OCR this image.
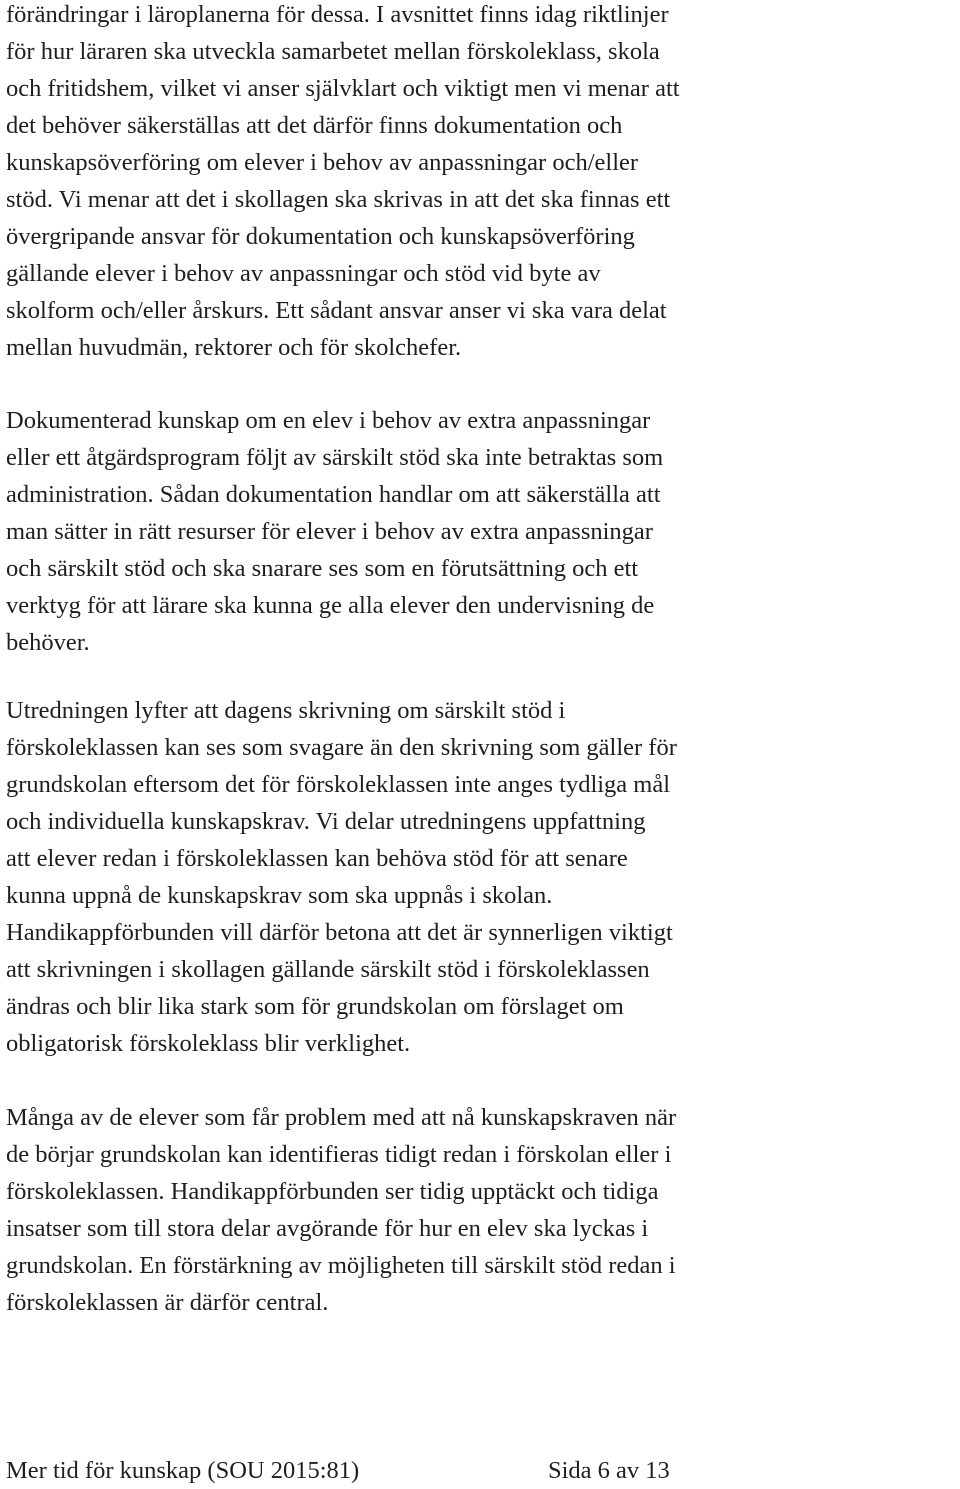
förändringar i läroplanerna för dessa. I avsnittet finns idag riktlinjer
för hur läraren ska utveckla samarbetet mellan förskoleklass, skola
och fritidshem, vilket vi anser självklart och viktigt men vi menar att
det behöver säkerställas att det därför finns dokumentation och
kunskapsöverföring om elever i behov av anpassningar och/eller
stöd. Vi menar att det i skollagen ska skrivas in att det ska finnas ett
övergripande ansvar för dokumentation och kunskapsöverföring
gällande elever i behov av anpassningar och stöd vid byte av
skolform och/eller årskurs. Ett sådant ansvar anser vi ska vara delat
mellan huvudmän, rektorer och för skolchefer.
Dokumenterad kunskap om en elev i behov av extra anpassningar
eller ett åtgärdsprogram följt av särskilt stöd ska inte betraktas som
administration. Sådan dokumentation handlar om att säkerställa att
man sätter in rätt resurser för elever i behov av extra anpassningar
och särskilt stöd och ska snarare ses som en förutsättning och ett
verktyg för att lärare ska kunna ge alla elever den undervisning de
behöver.
Utredningen lyfter att dagens skrivning om särskilt stöd i
förskoleklassen kan ses som svagare än den skrivning som gäller för
grundskolan eftersom det för förskoleklassen inte anges tydliga mål
och individuella kunskapskrav. Vi delar utredningens uppfattning
att elever redan i förskoleklassen kan behöva stöd för att senare
kunna uppnå de kunskapskrav som ska uppnås i skolan.
Handikappförbunden vill därför betona att det är synnerligen viktigt
att skrivningen i skollagen gällande särskilt stöd i förskoleklassen
ändras och blir lika stark som för grundskolan om förslaget om
obligatorisk förskoleklass blir verklighet.
Många av de elever som får problem med att nå kunskapskraven när
de börjar grundskolan kan identifieras tidigt redan i förskolan eller i
förskoleklassen. Handikappförbunden ser tidig upptäckt och tidiga
insatser som till stora delar avgörande för hur en elev ska lyckas i
grundskolan. En förstärkning av möjligheten till särskilt stöd redan i
förskoleklassen är därför central.
Mer tid för kunskap (SOU 2015:81)	Sida 6 av 13
